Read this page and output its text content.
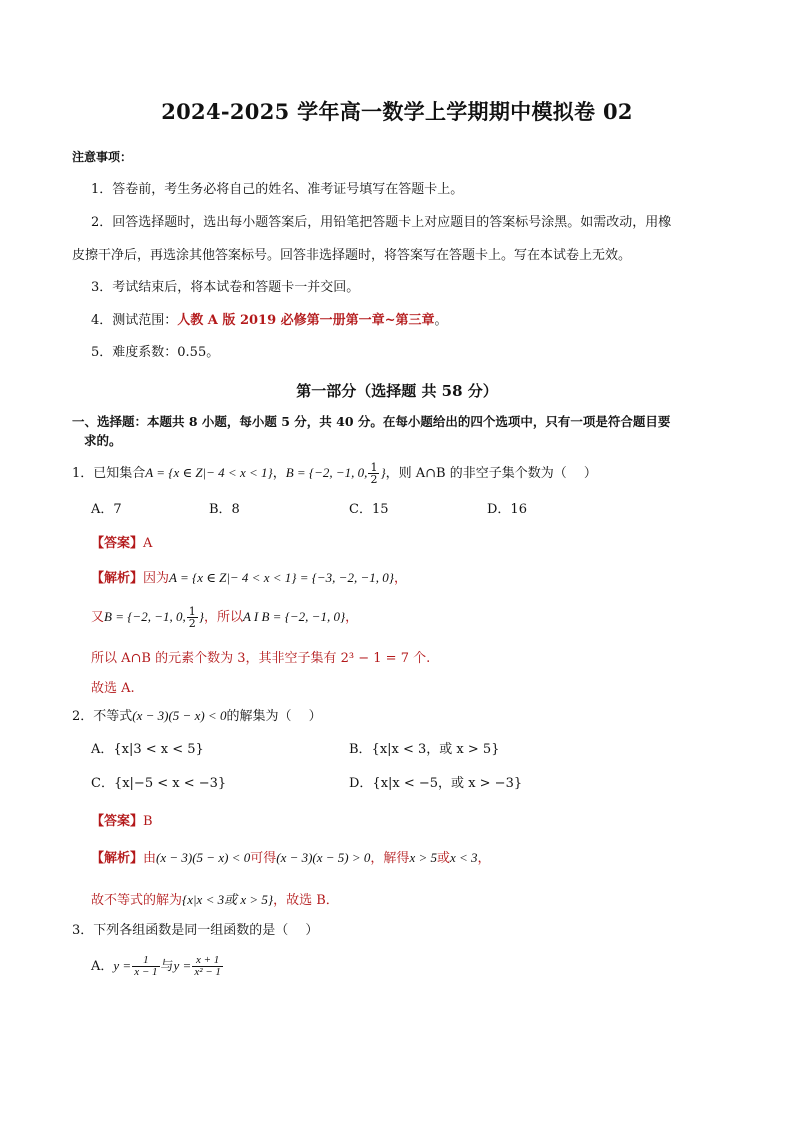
2024-2025 学年高一数学上学期期中模拟卷 02
注意事项：
1．答卷前，考生务必将自己的姓名、准考证号填写在答题卡上。
2．回答选择题时，选出每小题答案后，用铅笔把答题卡上对应题目的答案标号涂黑。如需改动，用橡
皮擦干净后，再选涂其他答案标号。回答非选择题时，将答案写在答题卡上。写在本试卷上无效。
3．考试结束后，将本试卷和答题卡一并交回。
4．测试范围：人教 A 版 2019 必修第一册第一章~第三章。
5．难度系数：0.55。
第一部分（选择题 共 58 分）
一、选择题：本题共 8 小题，每小题 5 分，共 40 分。在每小题给出的四个选项中，只有一项是符合题目要
求的。
1．已知集合A = {x ∈ Z|− 4 < x < 1}，B = {−2, −1, 0, $\frac{1}{2}$ }，则 A∩B 的非空子集个数为（　 ）
A．7	B．8	C．15	D．16
【答案】A
【解析】因为A = {x ∈ Z|− 4 < x < 1} = {−3, −2, −1, 0}，
又B = {−2, −1, 0, $\frac{1}{2}$ }，所以A I B = {−2, −1, 0}，
所以 A∩B 的元素个数为 3，其非空子集有 2³ − 1 = 7 个.
故选 A.
2．不等式(x − 3)(5 − x) < 0的解集为（　 ）
A．{x|3 < x < 5}	B．{x|x < 3，或 x > 5}
C．{x|−5 < x < −3}	D．{x|x < −5，或 x > −3}
【答案】B
【解析】由(x − 3)(5 − x) < 0可得(x − 3)(x − 5) > 0，解得x > 5或x < 3，
故不等式的解为{x|x < 3或 x > 5}，故选 B．
3．下列各组函数是同一组函数的是（　 ）
A．$y = \frac{1}{x - 1}$ 与$y = \frac{x + 1}{\text{x² − 1}}$
